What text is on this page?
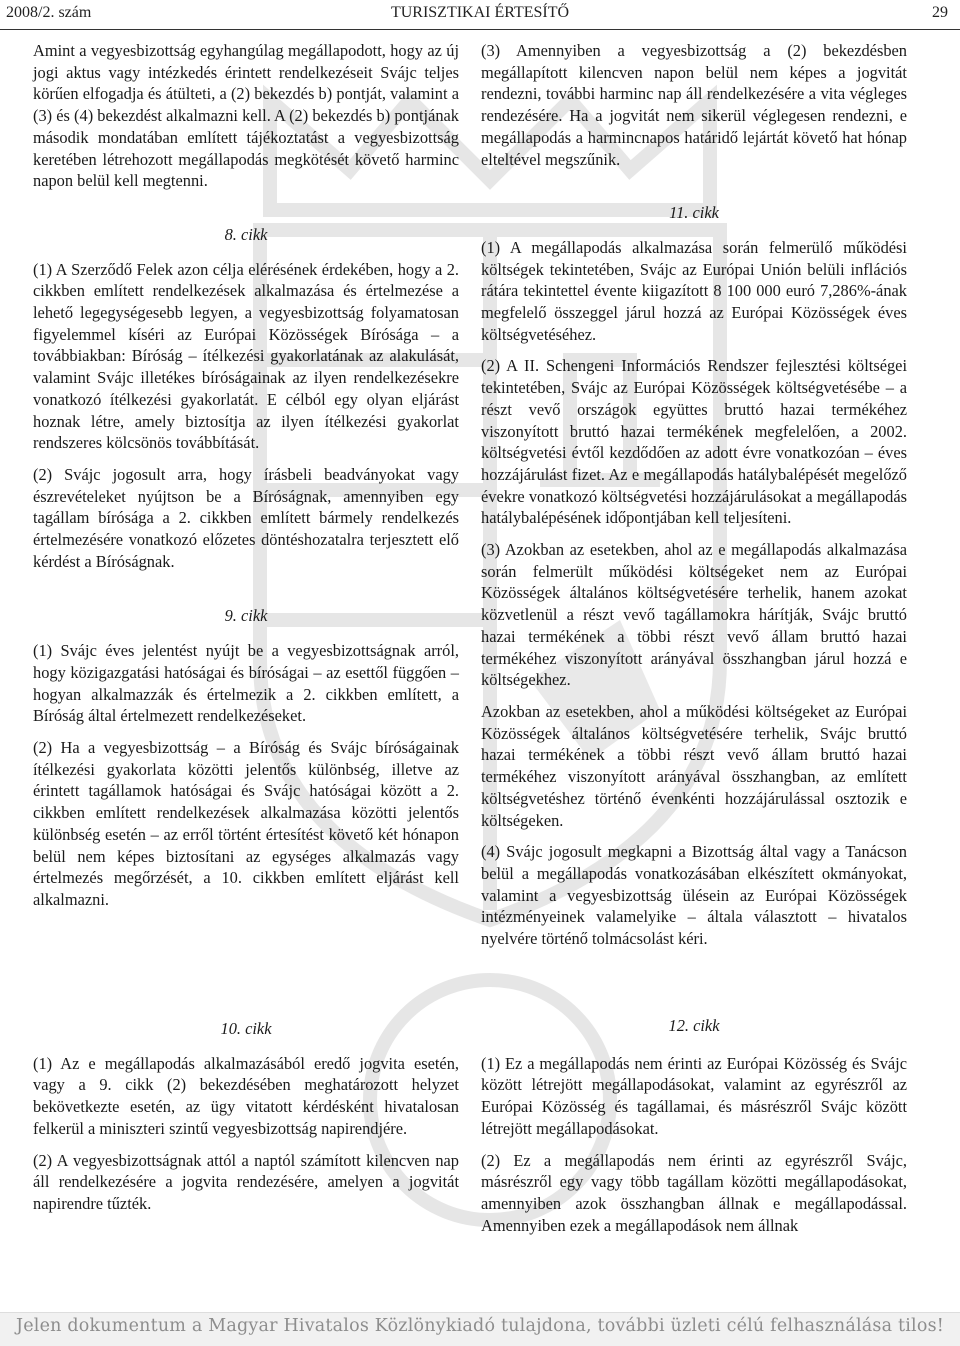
2008/2. szám	TURISZTIKAI ÉRTESÍTŐ	29

Amint a vegyesbizottság egyhangúlag megállapodott, hogy az új jogi aktus vagy intézkedés érintett rendelkezéseit Svájc teljes körűen elfogadja és átülteti, a (2) bekezdés b) pontját, valamint a (3) és (4) bekezdést alkalmazni kell. A (2) bekezdés b) pontjának második mondatában említett tájékoztatást a vegyesbizottság keretében létrehozott megállapodás megkötését követő harminc napon belül kell megtenni.

8. cikk

(1) A Szerződő Felek azon célja elérésének érdekében, hogy a 2. cikkben említett rendelkezések alkalmazása és értelmezése a lehető legegységesebb legyen, a vegyesbizottság folyamatosan figyelemmel kíséri az Európai Közösségek Bírósága – a továbbiakban: Bíróság – ítélkezési gyakorlatának az alakulását, valamint Svájc illetékes bíróságainak az ilyen rendelkezésekre vonatkozó ítélkezési gyakorlatát. E célból egy olyan eljárást hoznak létre, amely biztosítja az ilyen ítélkezési gyakorlat rendszeres kölcsönös továbbítását.

(2) Svájc jogosult arra, hogy írásbeli beadványokat vagy észrevételeket nyújtson be a Bíróságnak, amennyiben egy tagállam bírósága a 2. cikkben említett bármely rendelkezés értelmezésére vonatkozó előzetes döntéshozatalra terjesztett elő kérdést a Bíróságnak.

9. cikk

(1) Svájc éves jelentést nyújt be a vegyesbizottságnak arról, hogy közigazgatási hatóságai és bíróságai – az esettől függően – hogyan alkalmazzák és értelmezik a 2. cikkben említett, a Bíróság által értelmezett rendelkezéseket.

(2) Ha a vegyesbizottság – a Bíróság és Svájc bíróságainak ítélkezési gyakorlata közötti jelentős különbség, illetve az érintett tagállamok hatóságai és Svájc hatóságai között a 2. cikkben említett rendelkezések alkalmazása közötti jelentős különbség esetén – az erről történt értesítést követő két hónapon belül nem képes biztosítani az egységes alkalmazás vagy értelmezés megőrzését, a 10. cikkben említett eljárást kell alkalmazni.

10. cikk

(1) Az e megállapodás alkalmazásából eredő jogvita esetén, vagy a 9. cikk (2) bekezdésében meghatározott helyzet bekövetkezte esetén, az ügy vitatott kérdésként hivatalosan felkerül a miniszteri szintű vegyesbizottság napirendjére.

(2) A vegyesbizottságnak attól a naptól számított kilencven nap áll rendelkezésére a jogvita rendezésére, amelyen a jogvitát napirendre tűzték.

(3) Amennyiben a vegyesbizottság a (2) bekezdésben megállapított kilencven napon belül nem képes a jogvitát rendezni, további harminc nap áll rendelkezésére a vita végleges rendezésére. Ha a jogvitát nem sikerül véglegesen rendezni, e megállapodás a harmincnapos határidő lejártát követő hat hónap elteltével megszűnik.

11. cikk

(1) A megállapodás alkalmazása során felmerülő működési költségek tekintetében, Svájc az Európai Unión belüli inflációs rátára tekintettel évente kiigazított 8 100 000 euró 7,286%-ának megfelelő összeggel járul hozzá az Európai Közösségek éves költségvetéséhez.

(2) A II. Schengeni Információs Rendszer fejlesztési költségei tekintetében, Svájc az Európai Közösségek költségvetésébe – a részt vevő országok együttes bruttó hazai termékéhez viszonyított bruttó hazai termékének megfelelően, a 2002. költségvetési évtől kezdődően az adott évre vonatkozóan – éves hozzájárulást fizet. Az e megállapodás hatálybalépését megelőző évekre vonatkozó költségvetési hozzájárulásokat a megállapodás hatálybalépésének időpontjában kell teljesíteni.

(3) Azokban az esetekben, ahol az e megállapodás alkalmazása során felmerült működési költségeket nem az Európai Közösségek általános költségvetésére terhelik, hanem azokat közvetlenül a részt vevő tagállamokra hárítják, Svájc bruttó hazai termékének a többi részt vevő állam bruttó hazai termékéhez viszonyított arányával összhangban járul hozzá e költségekhez.

Azokban az esetekben, ahol a működési költségeket az Európai Közösségek általános költségvetésére terhelik, Svájc bruttó hazai termékének a többi részt vevő állam bruttó hazai termékéhez viszonyított arányával összhangban, az említett költségvetéshez történő évenkénti hozzájárulással osztozik e költségeken.

(4) Svájc jogosult megkapni a Bizottság által vagy a Tanácson belül a megállapodás vonatkozásában elkészített okmányokat, valamint a vegyesbizottság ülésein az Európai Közösségek intézményeinek valamelyike – általa választott – hivatalos nyelvére történő tolmácsolást kéri.

12. cikk

(1) Ez a megállapodás nem érinti az Európai Közösség és Svájc között létrejött megállapodásokat, valamint az egyrészről az Európai Közösség és tagállamai, és másrészről Svájc között létrejött megállapodásokat.

(2) Ez a megállapodás nem érinti az egyrészről Svájc, másrészről egy vagy több tagállam közötti megállapodásokat, amennyiben azok összhangban állnak e megállapodással. Amennyiben ezek a megállapodások nem állnak

Jelen dokumentum a Magyar Hivatalos Közlönykiadó tulajdona, további üzleti célú felhasználása tilos!
